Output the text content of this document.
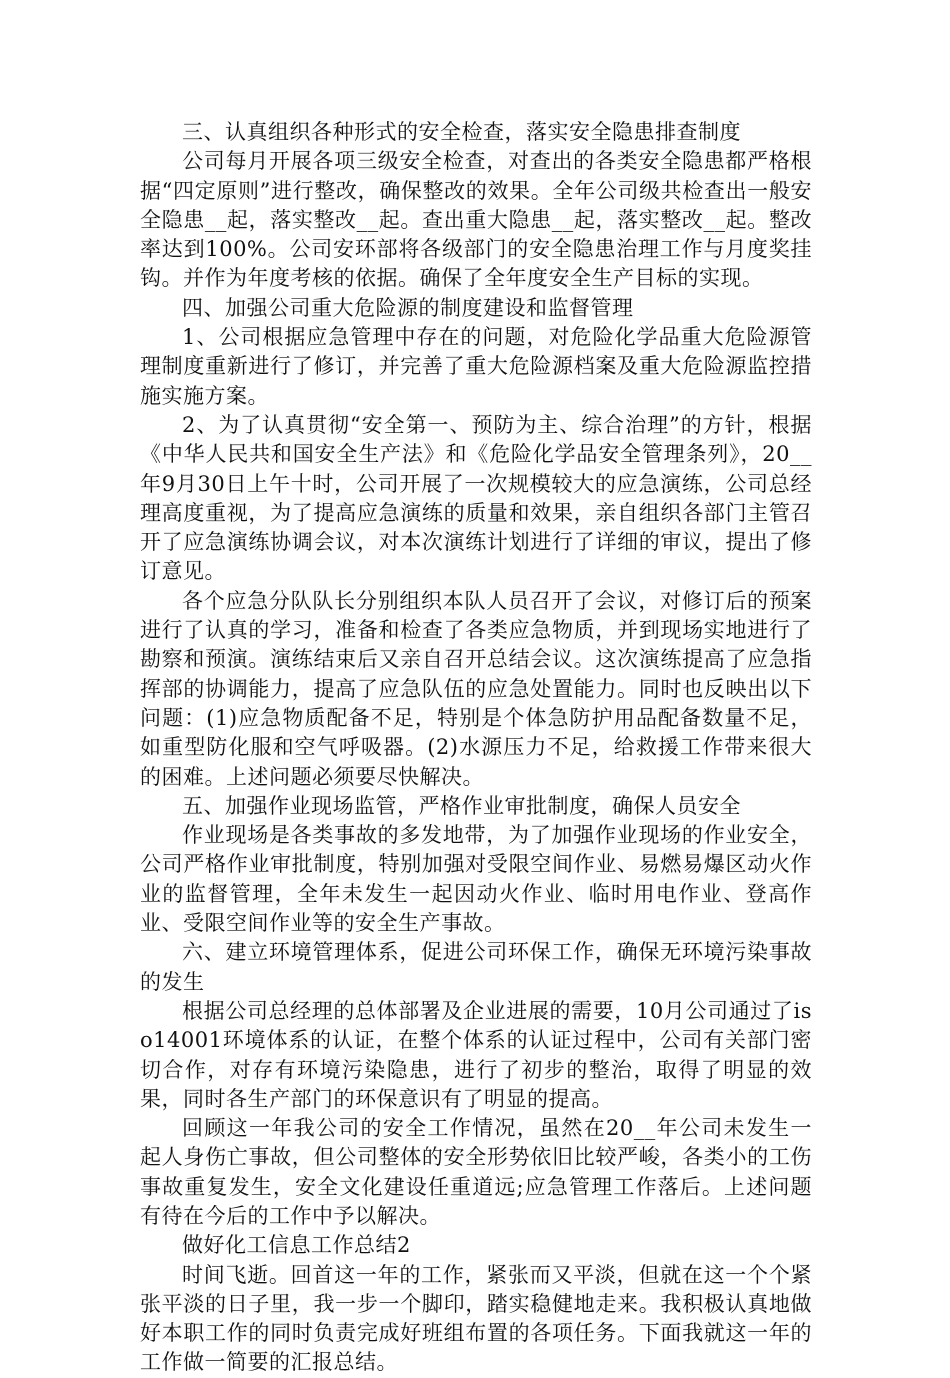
三、认真组织各种形式的安全检查，落实安全隐患排查制度

公司每月开展各项三级安全检查，对查出的各类安全隐患都严格根据“四定原则”进行整改，确保整改的效果。全年公司级共检查出一般安全隐患__起，落实整改__起。查出重大隐患__起，落实整改__起。整改率达到100%。公司安环部将各级部门的安全隐患治理工作与月度奖挂钩。并作为年度考核的依据。确保了全年度安全生产目标的实现。

四、加强公司重大危险源的制度建设和监督管理

1、公司根据应急管理中存在的问题，对危险化学品重大危险源管理制度重新进行了修订，并完善了重大危险源档案及重大危险源监控措施实施方案。

2、为了认真贯彻“安全第一、预防为主、综合治理”的方针，根据《中华人民共和国安全生产法》和《危险化学品安全管理条列》，20__年9月30日上午十时，公司开展了一次规模较大的应急演练，公司总经理高度重视，为了提高应急演练的质量和效果，亲自组织各部门主管召开了应急演练协调会议，对本次演练计划进行了详细的审议，提出了修订意见。

各个应急分队队长分别组织本队人员召开了会议，对修订后的预案进行了认真的学习，准备和检查了各类应急物质，并到现场实地进行了勘察和预演。演练结束后又亲自召开总结会议。这次演练提高了应急指挥部的协调能力，提高了应急队伍的应急处置能力。同时也反映出以下问题：(1)应急物质配备不足，特别是个体急防护用品配备数量不足，如重型防化服和空气呼吸器。(2)水源压力不足，给救援工作带来很大的困难。上述问题必须要尽快解决。

五、加强作业现场监管，严格作业审批制度，确保人员安全

作业现场是各类事故的多发地带，为了加强作业现场的作业安全，公司严格作业审批制度，特别加强对受限空间作业、易燃易爆区动火作业的监督管理，全年未发生一起因动火作业、临时用电作业、登高作业、受限空间作业等的安全生产事故。

六、建立环境管理体系，促进公司环保工作，确保无环境污染事故的发生

根据公司总经理的总体部署及企业进展的需要，10月公司通过了iso14001环境体系的认证，在整个体系的认证过程中，公司有关部门密切合作，对存有环境污染隐患，进行了初步的整治，取得了明显的效果，同时各生产部门的环保意识有了明显的提高。

回顾这一年我公司的安全工作情况，虽然在20__年公司未发生一起人身伤亡事故，但公司整体的安全形势依旧比较严峻，各类小的工伤事故重复发生，安全文化建设任重道远;应急管理工作落后。上述问题有待在今后的工作中予以解决。

做好化工信息工作总结2

时间飞逝。回首这一年的工作，紧张而又平淡，但就在这一个个紧张平淡的日子里，我一步一个脚印，踏实稳健地走来。我积极认真地做好本职工作的同时负责完成好班组布置的各项任务。下面我就这一年的工作做一简要的汇报总结。
